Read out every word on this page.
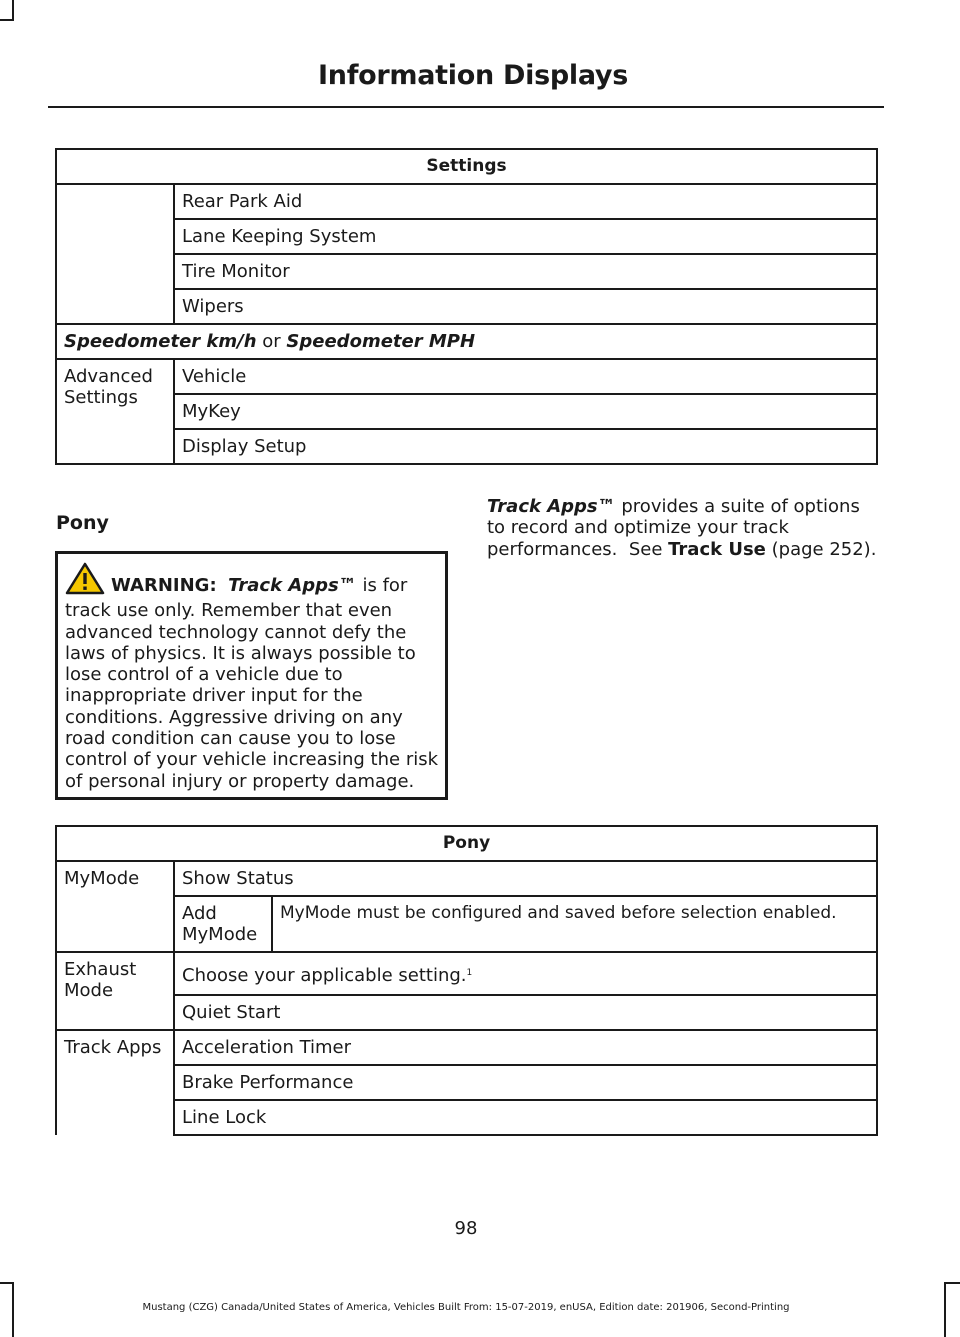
Information Displays
Settings	
	Rear Park Aid
	Lane Keeping System
	Tire Monitor
	Wipers
Speedometer km/h or Speedometer MPH	
Advanced Settings	Vehicle
	MyKey
	Display Setup
Pony
WARNING: Track Apps™ is for track use only. Remember that even advanced technology cannot defy the laws of physics. It is always possible to lose control of a vehicle due to inappropriate driver input for the conditions. Aggressive driving on any road condition can cause you to lose control of your vehicle increasing the risk of personal injury or property damage.
Track Apps™ provides a suite of options to record and optimize your track performances.  See Track Use (page 252).
Pony		
MyMode	Show Status	
	Add MyMode	MyMode must be configured and saved before selection enabled.
Exhaust Mode	Choose your applicable setting.$^1$
	Quiet Start	
Track Apps	Acceleration Timer	
	Brake Performance	
	Line Lock	
98
Mustang (CZG) Canada/United States of America, Vehicles Built From: 15-07-2019, enUSA, Edition date: 201906, Second-Printing
